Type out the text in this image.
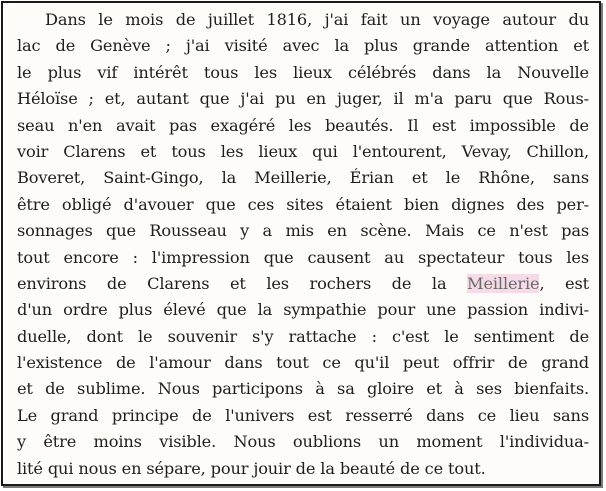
Dans le mois de juillet 1816, j'ai fait un voyage autour du
lac de Genève ; j'ai visité avec la plus grande attention et
le plus vif intérêt tous les lieux célébrés dans la Nouvelle
Héloïse ; et, autant que j'ai pu en juger, il m'a paru que Rous-
seau n'en avait pas exagéré les beautés. Il est impossible de
voir Clarens et tous les lieux qui l'entourent, Vevay, Chillon,
Boveret, Saint-Gingo, la Meillerie, Érian et le Rhône, sans
être obligé d'avouer que ces sites étaient bien dignes des per-
sonnages que Rousseau y a mis en scène. Mais ce n'est pas
tout encore : l'impression que causent au spectateur tous les
environs de Clarens et les rochers de la Meillerie, est
d'un ordre plus élevé que la sympathie pour une passion indivi-
duelle, dont le souvenir s'y rattache : c'est le sentiment de
l'existence de l'amour dans tout ce qu'il peut offrir de grand
et de sublime. Nous participons à sa gloire et à ses bienfaits.
Le grand principe de l'univers est resserré dans ce lieu sans
y être moins visible. Nous oublions un moment l'individua-
lité qui nous en sépare, pour jouir de la beauté de ce tout.
